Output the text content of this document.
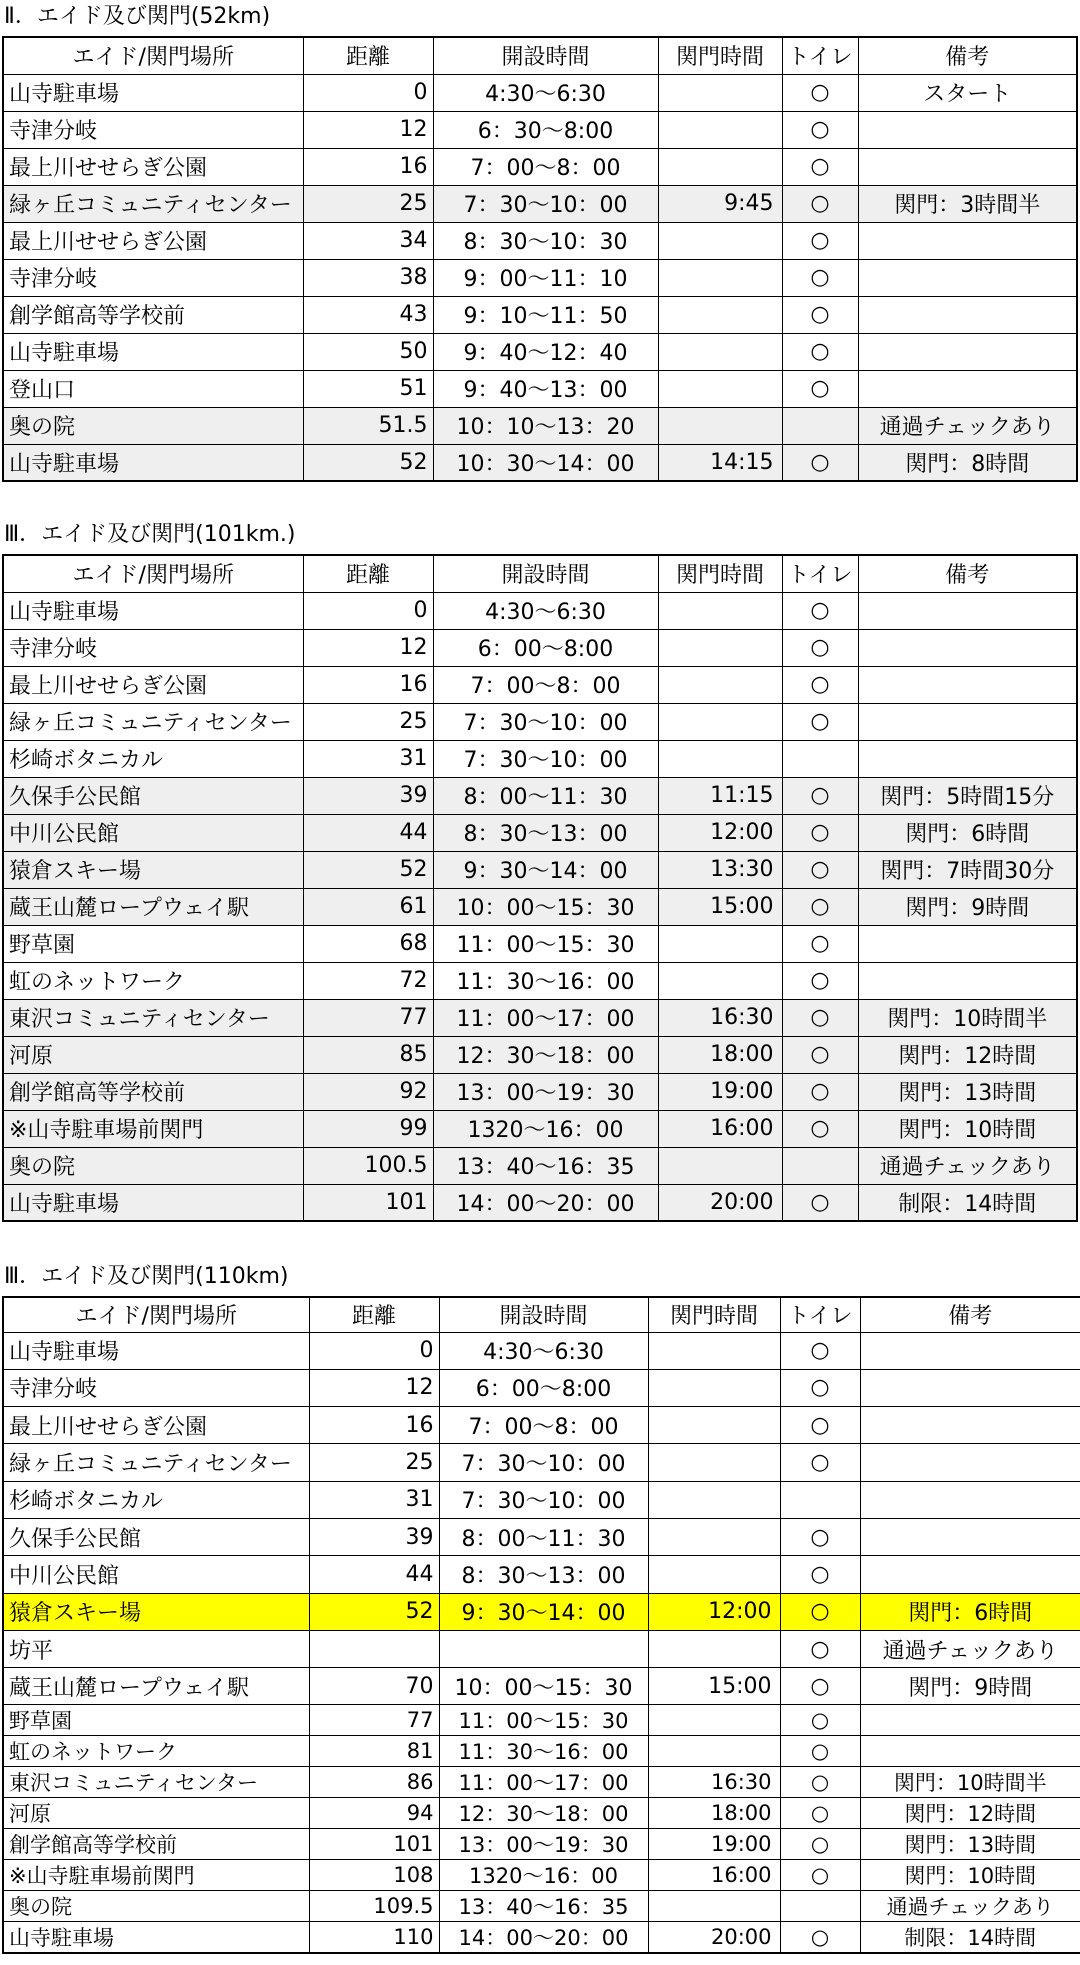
Ⅱ．エイド及び関門(52km)
エイド/関門場所	距離	開設時間	関門時間	トイレ	備考
山寺駐車場	0	4:30～6:30		○	スタート
寺津分岐	12	6：30～8:00		○	
最上川せせらぎ公園	16	7：00～8：00		○	
緑ヶ丘コミュニティセンター	25	7：30～10：00	9:45	○	関門：3時間半
最上川せせらぎ公園	34	8：30～10：30		○	
寺津分岐	38	9：00～11：10		○	
創学館高等学校前	43	9：10～11：50		○	
山寺駐車場	50	9：40～12：40		○	
登山口	51	9：40～13：00		○	
奥の院	51.5	10：10～13：20			通過チェックあり
山寺駐車場	52	10：30～14：00	14:15	○	関門：8時間
Ⅲ．エイド及び関門(101km.)
エイド/関門場所	距離	開設時間	関門時間	トイレ	備考
山寺駐車場	0	4:30～6:30		○	
寺津分岐	12	6：00～8:00		○	
最上川せせらぎ公園	16	7：00～8：00		○	
緑ヶ丘コミュニティセンター	25	7：30～10：00		○	
杉崎ボタニカル	31	7：30～10：00			
久保手公民館	39	8：00～11：30	11:15	○	関門：5時間15分
中川公民館	44	8：30～13：00	12:00	○	関門：6時間
猿倉スキー場	52	9：30～14：00	13:30	○	関門：7時間30分
蔵王山麓ロープウェイ駅	61	10：00～15：30	15:00	○	関門：9時間
野草園	68	11：00～15：30		○	
虹のネットワーク	72	11：30～16：00		○	
東沢コミュニティセンター	77	11：00～17：00	16:30	○	関門：10時間半
河原	85	12：30～18：00	18:00	○	関門：12時間
創学館高等学校前	92	13：00～19：30	19:00	○	関門：13時間
※山寺駐車場前関門	99	1320～16：00	16:00	○	関門：10時間
奥の院	100.5	13：40～16：35			通過チェックあり
山寺駐車場	101	14：00～20：00	20:00	○	制限：14時間
Ⅲ．エイド及び関門(110km)
エイド/関門場所	距離	開設時間	関門時間	トイレ	備考
山寺駐車場	0	4:30～6:30		○	
寺津分岐	12	6：00～8:00		○	
最上川せせらぎ公園	16	7：00～8：00		○	
緑ヶ丘コミュニティセンター	25	7：30～10：00		○	
杉崎ボタニカル	31	7：30～10：00			
久保手公民館	39	8：00～11：30		○	
中川公民館	44	8：30～13：00		○	
猿倉スキー場	52	9：30～14：00	12:00	○	関門：6時間
坊平				○	通過チェックあり
蔵王山麓ロープウェイ駅	70	10：00～15：30	15:00	○	関門：9時間
野草園	77	11：00～15：30		○	
虹のネットワーク	81	11：30～16：00		○	
東沢コミュニティセンター	86	11：00～17：00	16:30	○	関門：10時間半
河原	94	12：30～18：00	18:00	○	関門：12時間
創学館高等学校前	101	13：00～19：30	19:00	○	関門：13時間
※山寺駐車場前関門	108	1320～16：00	16:00	○	関門：10時間
奥の院	109.5	13：40～16：35			通過チェックあり
山寺駐車場	110	14：00～20：00	20:00	○	制限：14時間
